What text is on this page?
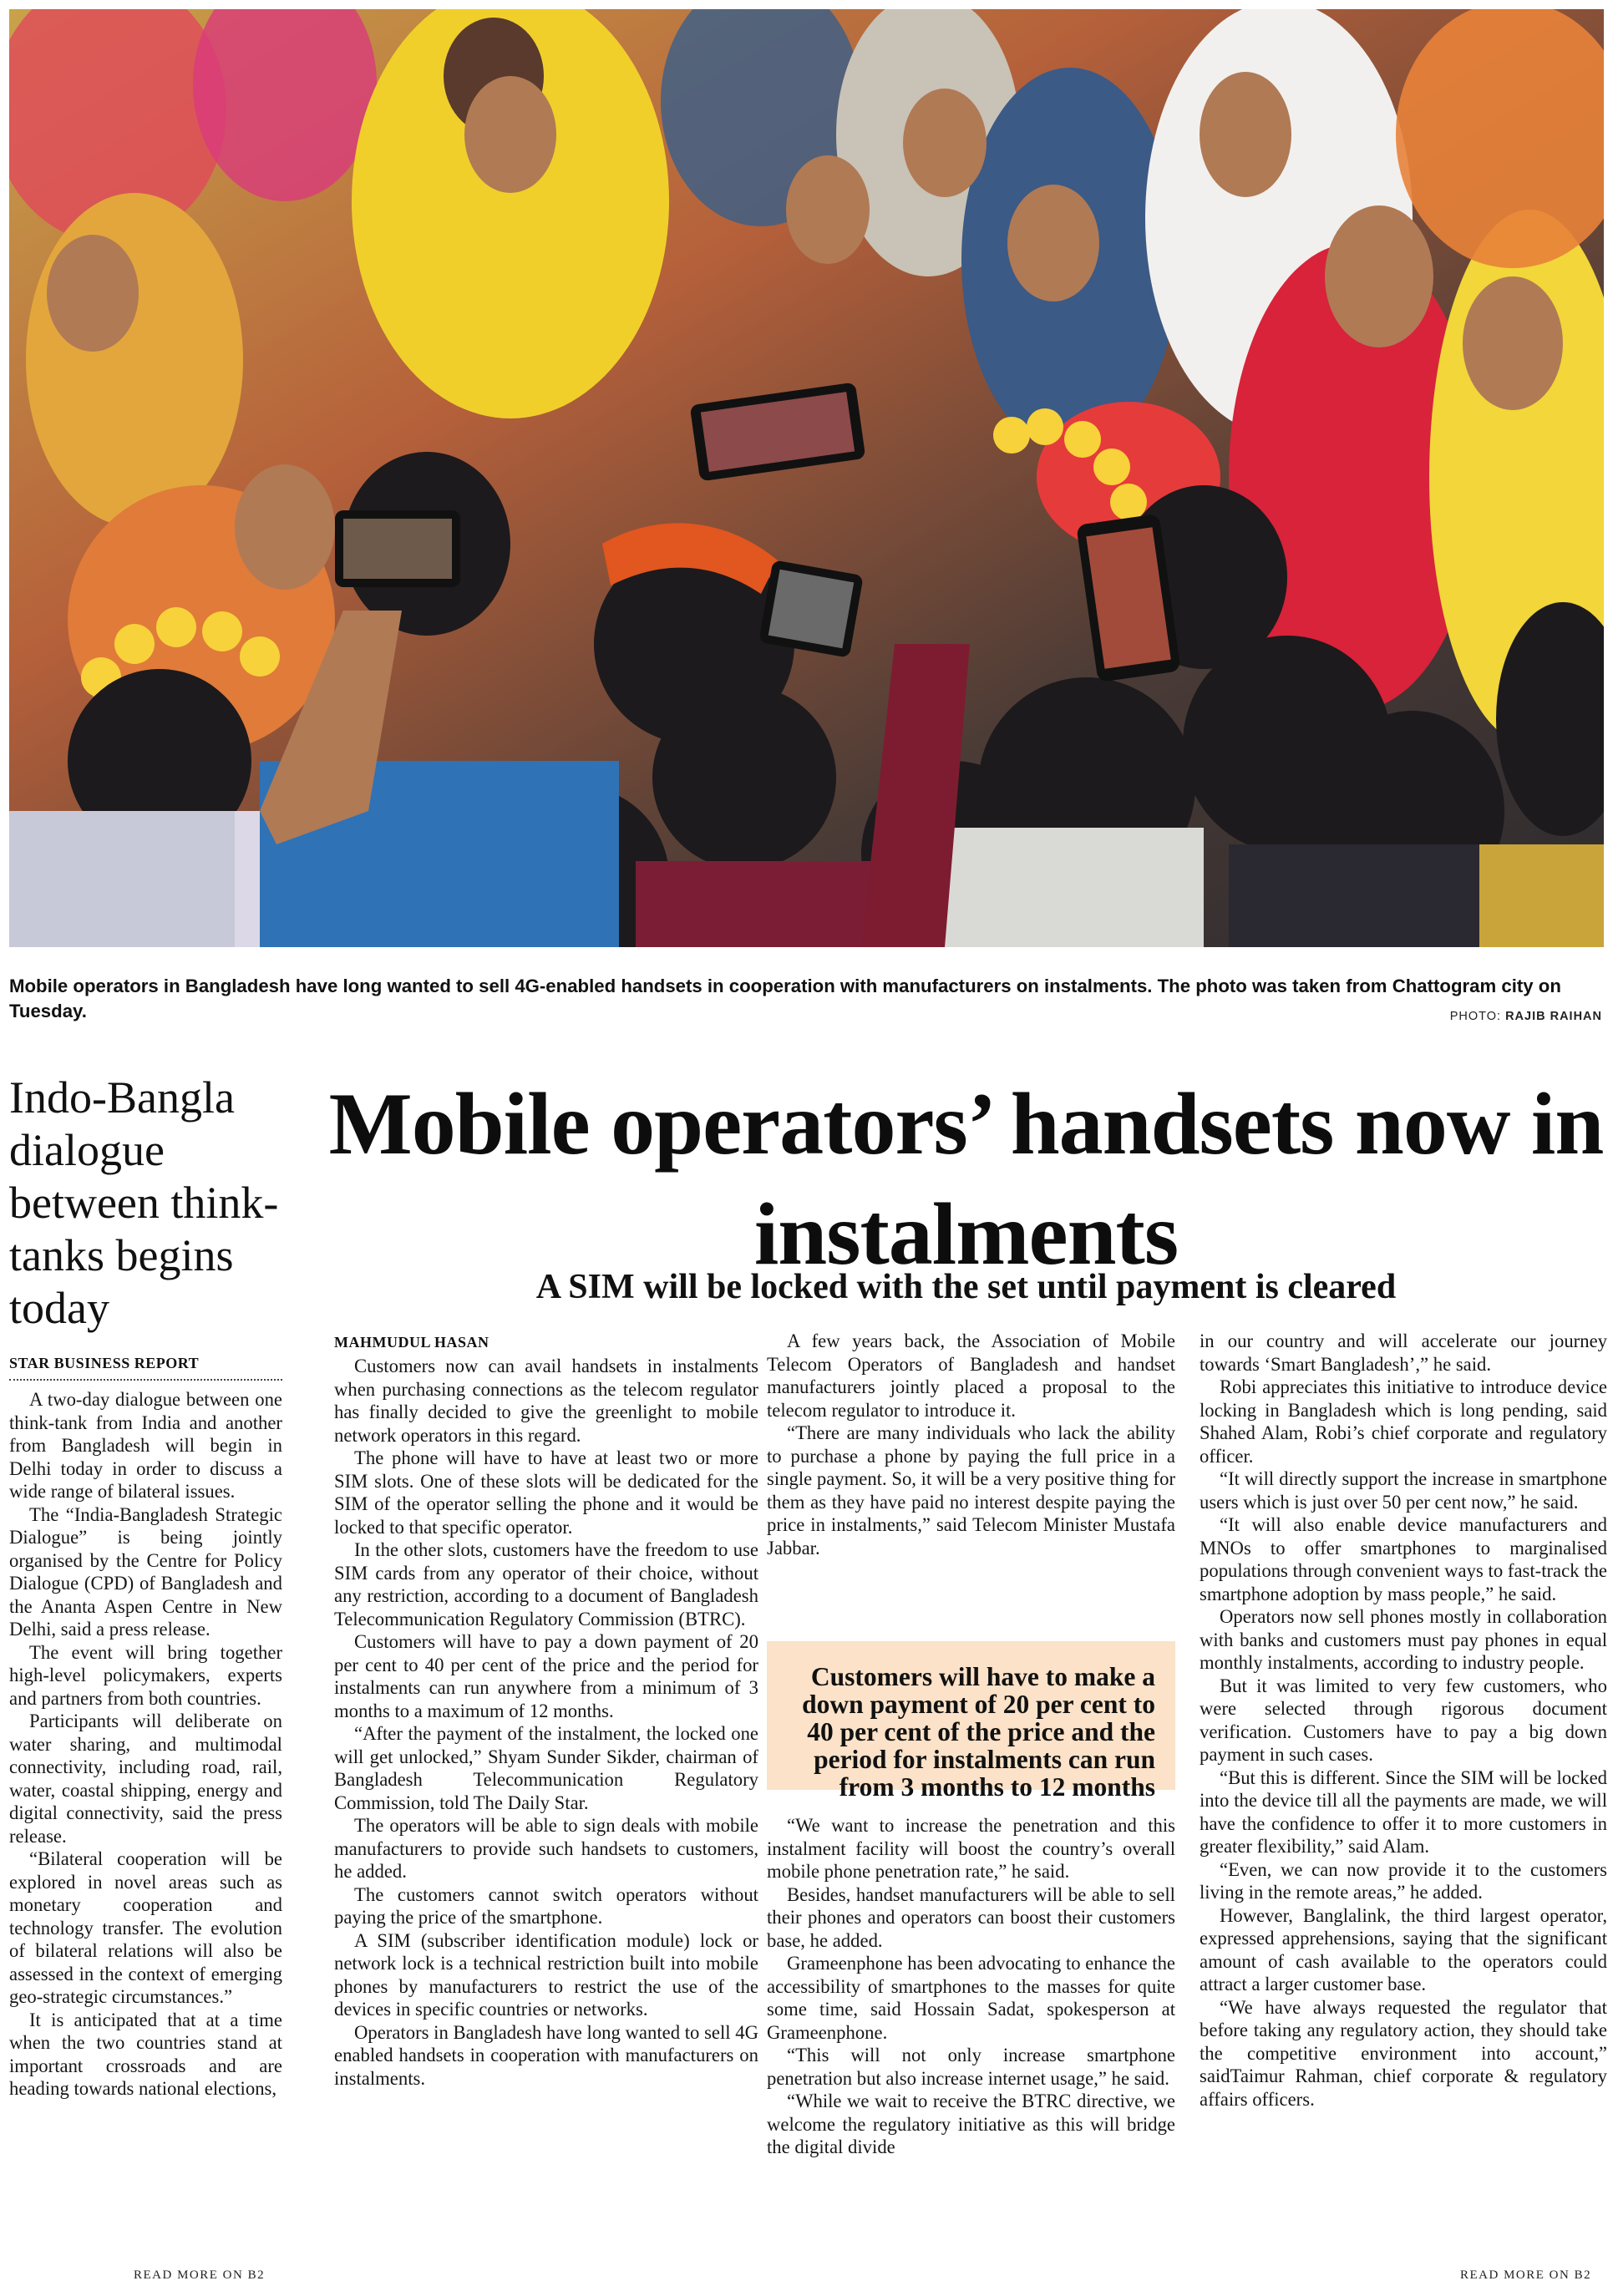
Mobile operators in Bangladesh have long wanted to sell 4G-enabled handsets in cooperation with manufacturers on instalments. The photo was taken from Chattogram city on Tuesday.	PHOTO: RAJIB RAIHAN
Indo-Bangla dialogue between think-tanks begins today
STAR BUSINESS REPORT

A two-day dialogue between one think-tank from India and another from Bangladesh will begin in Delhi today in order to discuss a wide range of bilateral issues.

The “India-Bangladesh Strategic Dialogue” is being jointly organised by the Centre for Policy Dialogue (CPD) of Bangladesh and the Ananta Aspen Centre in New Delhi, said a press release.

The event will bring together high-level policymakers, experts and partners from both countries.

Participants will deliberate on water sharing, and multimodal connectivity, including road, rail, water, coastal shipping, energy and digital connectivity, said the press release.

“Bilateral cooperation will be explored in novel areas such as monetary cooperation and technology transfer. The evolution of bilateral relations will also be assessed in the context of emerging geo-strategic circumstances.”

It is anticipated that at a time when the two countries stand at important crossroads and are heading towards national elections,

READ MORE ON B2
Mobile operators’ handsets now in instalments
A SIM will be locked with the set until payment is cleared
MAHMUDUL HASAN

Customers now can avail handsets in instalments when purchasing connections as the telecom regulator has finally decided to give the greenlight to mobile network operators in this regard.

The phone will have to have at least two or more SIM slots. One of these slots will be dedicated for the SIM of the operator selling the phone and it would be locked to that specific operator.

In the other slots, customers have the freedom to use SIM cards from any operator of their choice, without any restriction, according to a document of Bangladesh Telecommunication Regulatory Commission (BTRC).

Customers will have to pay a down payment of 20 per cent to 40 per cent of the price and the period for instalments can run anywhere from a minimum of 3 months to a maximum of 12 months.

“After the payment of the instalment, the locked one will get unlocked,” Shyam Sunder Sikder, chairman of Bangladesh Telecommunication Regulatory Commission, told The Daily Star.

The operators will be able to sign deals with mobile manufacturers to provide such handsets to customers, he added.

The customers cannot switch operators without paying the price of the smartphone.

A SIM (subscriber identification module) lock or network lock is a technical restriction built into mobile phones by manufacturers to restrict the use of the devices in specific countries or networks.

Operators in Bangladesh have long wanted to sell 4G enabled handsets in cooperation with manufacturers on instalments.

A few years back, the Association of Mobile Telecom Operators of Bangladesh and handset manufacturers jointly placed a proposal to the telecom regulator to introduce it.

“There are many individuals who lack the ability to purchase a phone by paying the full price in a single payment. So, it will be a very positive thing for them as they have paid no interest despite paying the price in instalments,” said Telecom Minister Mustafa Jabbar.

Customers will have to make a down payment of 20 per cent to 40 per cent of the price and the period for instalments can run from 3 months to 12 months

“We want to increase the penetration and this instalment facility will boost the country’s overall mobile phone penetration rate,” he said.

Besides, handset manufacturers will be able to sell their phones and operators can boost their customers base, he added.

Grameenphone has been advocating to enhance the accessibility of smartphones to the masses for quite some time, said Hossain Sadat, spokesperson at Grameenphone.

“This will not only increase smartphone penetration but also increase internet usage,” he said.

“While we wait to receive the BTRC directive, we welcome the regulatory initiative as this will bridge the digital divide

in our country and will accelerate our journey towards ‘Smart Bangladesh’,” he said.

Robi appreciates this initiative to introduce device locking in Bangladesh which is long pending, said Shahed Alam, Robi’s chief corporate and regulatory officer.

“It will directly support the increase in smartphone users which is just over 50 per cent now,” he said.

“It will also enable device manufacturers and MNOs to offer smartphones to marginalised populations through convenient ways to fast-track the smartphone adoption by mass people,” he said.

Operators now sell phones mostly in collaboration with banks and customers must pay phones in equal monthly instalments, according to industry people.

But it was limited to very few customers, who were selected through rigorous document verification. Customers have to pay a big down payment in such cases.

“But this is different. Since the SIM will be locked into the device till all the payments are made, we will have the confidence to offer it to more customers in greater flexibility,” said Alam.

“Even, we can now provide it to the customers living in the remote areas,” he added.

However, Banglalink, the third largest operator, expressed apprehensions, saying that the significant amount of cash available to the operators could attract a larger customer base.

“We have always requested the regulator that before taking any regulatory action, they should take the competitive environment into account,” saidTaimur Rahman, chief corporate & regulatory affairs officers.

READ MORE ON B2
